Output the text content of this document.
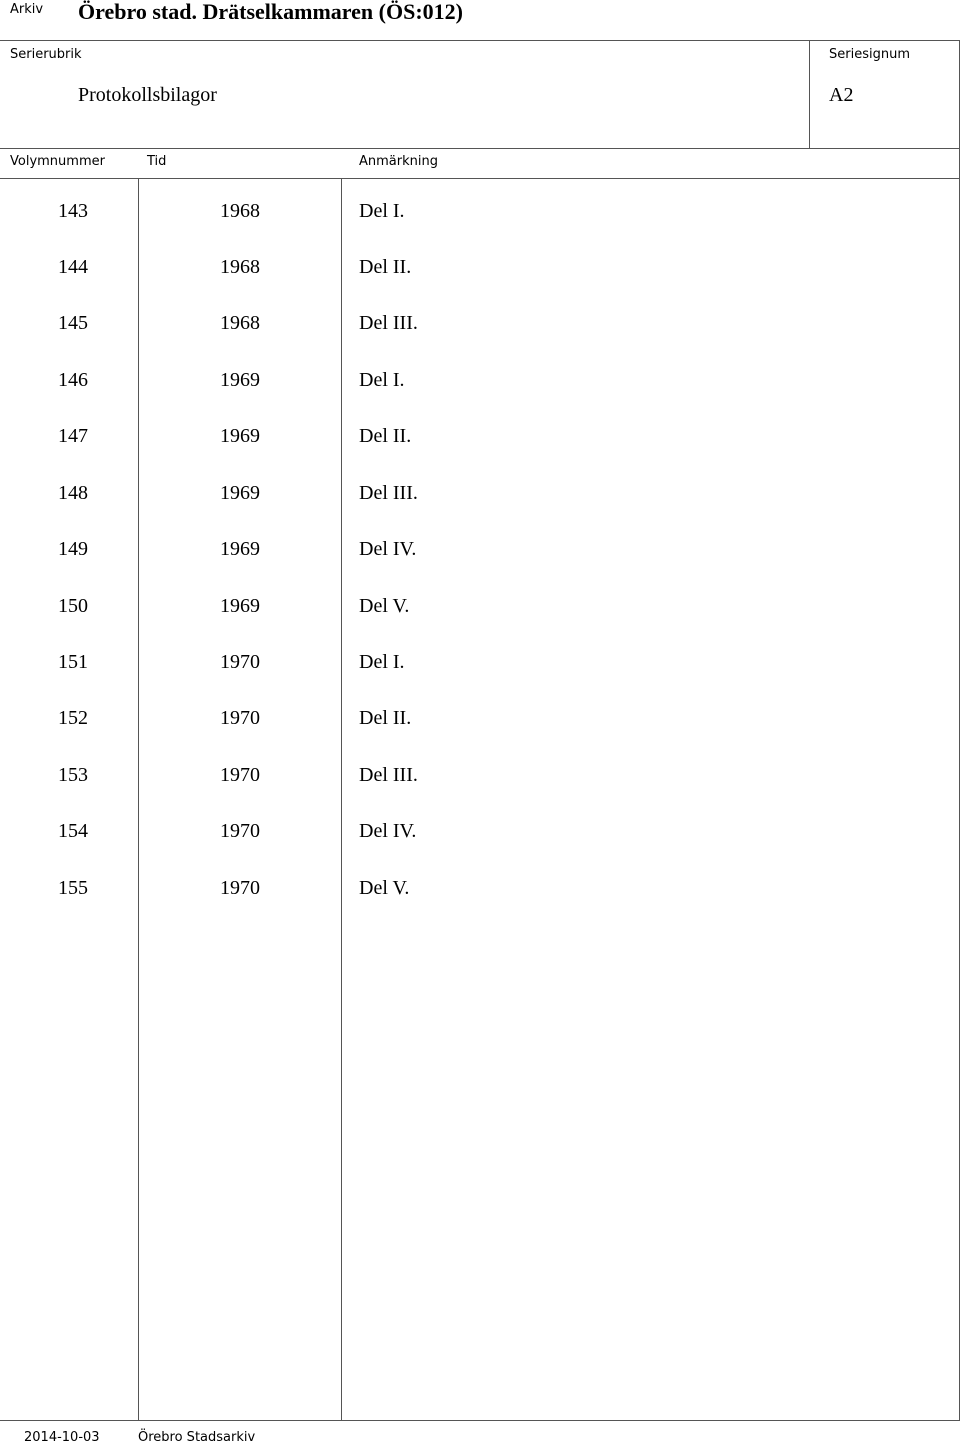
Arkiv Örebro stad. Drätselkammaren (ÖS:012)
Serierubrik
Protokollsbilagor
Seriesignum
A2
Volymnummer	Tid	Anmärkning
143	1968	Del I.
144	1968	Del II.
145	1968	Del III.
146	1969	Del I.
147	1969	Del II.
148	1969	Del III.
149	1969	Del IV.
150	1969	Del V.
151	1970	Del I.
152	1970	Del II.
153	1970	Del III.
154	1970	Del IV.
155	1970	Del V.
2014-10-03	Örebro Stadsarkiv
